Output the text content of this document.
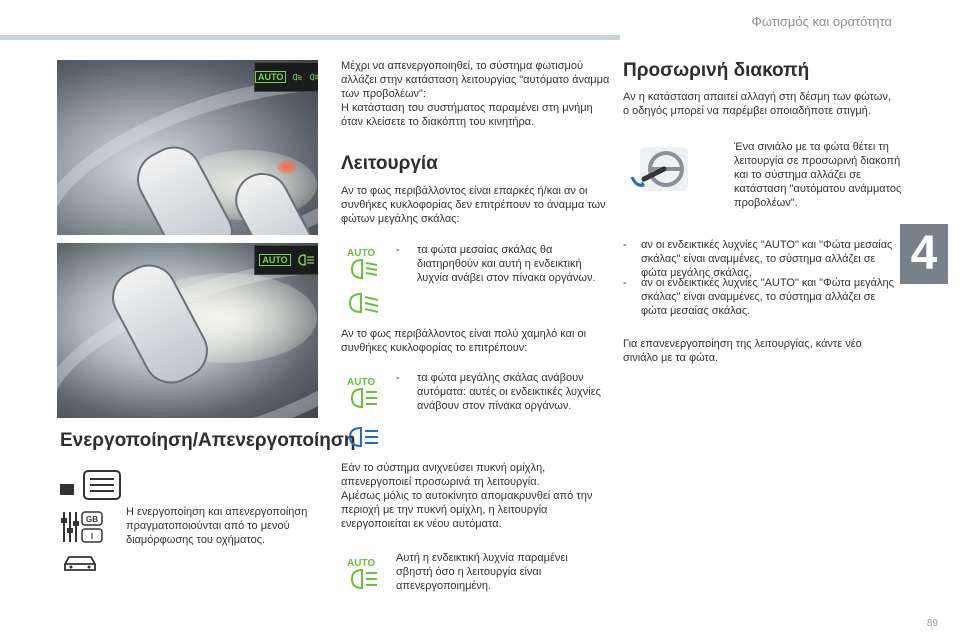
Φωτισμός και ορατότητα
4
89
AUTO
AUTO
Ενεργοποίηση/Απενεργοποίηση
GB
I
Η ενεργοποίηση και απενεργοποίηση πραγματοποιούνται από το μενού διαμόρφωσης του οχήματος.
Μέχρι να απενεργοποιηθεί, το σύστημα φωτισμού αλλάζει στην κατάσταση λειτουργίας "αυτόματο άναμμα των προβολέων":
Η κατάσταση του συστήματος παραμένει στη μνήμη όταν κλείσετε το διακόπτη του κινητήρα.
Λειτουργία
Αν το φως περιβάλλοντος είναι επαρκές ή/και αν οι συνθήκες κυκλοφορίας δεν επιτρέπουν το άναμμα των φώτων μεγάλης σκάλας:
AUTO - τα φώτα μεσαίας σκάλας θα διατηρηθούν και αυτή η ενδεικτική λυχνία ανάβει στον πίνακα οργάνων.
Αν το φως περιβάλλοντος είναι πολύ χαμηλό και οι συνθήκες κυκλοφορίας το επιτρέπουν:
AUTO - τα φώτα μεγάλης σκάλας ανάβουν αυτόματα: αυτές οι ενδεικτικές λυχνίες ανάβουν στον πίνακα οργάνων.
Εάν το σύστημα ανιχνεύσει πυκνή ομίχλη, απενεργοποιεί προσωρινά τη λειτουργία.
Αμέσως μόλις το αυτοκίνητο απομακρυνθεί από την περιοχή με την πυκνή ομίχλη, η λειτουργία ενεργοποιείται εκ νέου αυτόματα.
AUTO Αυτή η ενδεικτική λυχνία παραμένει σβηστή όσο η λειτουργία είναι απενεργοποιημένη.
Προσωρινή διακοπή
Αν η κατάσταση απαιτεί αλλαγή στη δέσμη των φώτων, ο οδηγός μπορεί να παρέμβει οποιαδήποτε στιγμή.
Ένα σινιάλο με τα φώτα θέτει τη λειτουργία σε προσωρινή διακοπή και το σύστημα αλλάζει σε κατάσταση "αυτόματου ανάμματος προβολέων".
- αν οι ενδεικτικές λυχνίες "AUTO" και "Φώτα μεσαίας σκάλας" είναι αναμμένες, το σύστημα αλλάζει σε φώτα μεγάλης σκάλας,
- αν οι ενδεικτικές λυχνίες "AUTO" και "Φώτα μεγάλης σκάλας" είναι αναμμένες, το σύστημα αλλάζει σε φώτα μεσαίας σκάλας.
Για επανενεργοποίηση της λειτουργίας, κάντε νέο σινιάλο με τα φώτα.
